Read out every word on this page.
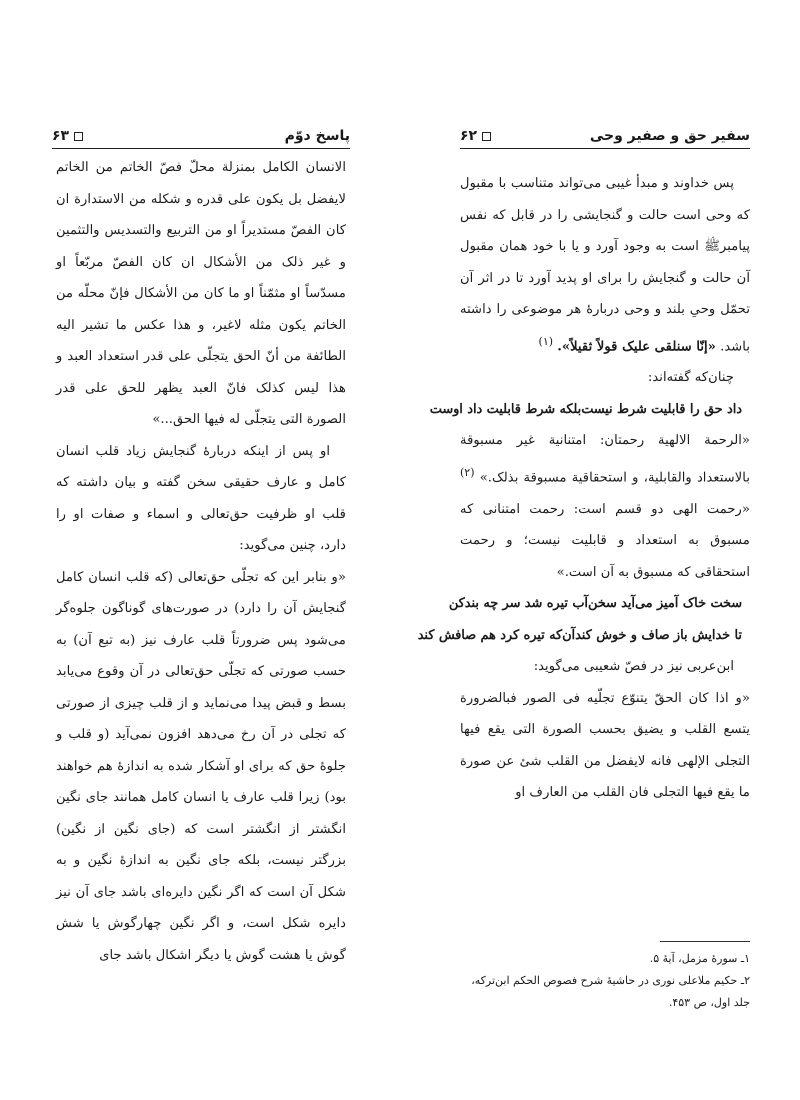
۶۳	پاسخ دوّم

الانسان الکامل بمنزلة محلّ فصّ الخاتم من الخاتم لایفضل بل یکون علی قدره و شکله من الاستدارة ان کان الفصّ مستدیراً او من التربیع والتسدیس والتثمین و غیر ذلک من الأشکال ان کان الفصّ مربّعاً او مسدّساً او مثمّناً او ما کان من الأشکال فإنّ محلّه من الخاتم یکون مثله لاغیر، و هذا عکس ما تشیر الیه الطائفة من أنّ الحق یتجلّی علی قدر استعداد العبد و هذا لیس کذلک فانّ العبد یظهر للحق علی قدر الصورة التی یتجلّی له فیها الحق...»

او پس از اینکه دربارهٔ گنجایش زیاد قلب انسان کامل و عارف حقیقی سخن گفته و بیان داشته که قلب او ظرفیت حق‌تعالی و اسماء و صفات او را دارد، چنین می‌گوید:

«و بنابر این که تجلّی حق‌تعالی (که قلب انسان کامل گنجایش آن را دارد) در صورت‌های گوناگون جلوه‌گر می‌شود پس ضرورتاً قلب عارف نیز (به تبع آن) به حسب صورتی که تجلّی حق‌تعالی در آن وقوع می‌یابد بسط و قبض پیدا می‌نماید و از قلب چیزی از صورتی که تجلی در آن رخ می‌دهد افزون نمی‌آید (و قلب و جلوهٔ حق که برای او آشکار شده به اندازهٔ هم خواهند بود) زیرا قلب عارف یا انسان کامل همانند جای نگین انگشتر از انگشتر است که (جای نگین از نگین) بزرگتر نیست، بلکه جای نگین به اندازهٔ نگین و به شکل آن است که اگر نگین دایره‌ای باشد جای آن نیز دایره شکل است، و اگر نگین چهارگوش یا شش گوش یا هشت گوش یا دیگر اشکال باشد جای

۶۲	سفیر حق و صفیر وحی

پس خداوند و مبدأ غیبی می‌تواند متناسب با مقبول که وحی است حالت و گنجایشی را در قابل که نفس پیامبرﷺ است به وجود آورد و یا با خود همان مقبول آن حالت و گنجایش را برای او پدید آورد تا در اثر آن تحمّل وحیِ بلند و وحی دربارهٔ هر موضوعی را داشته باشد. «إنّا سنلقی علیک قولاً ثقیلاً». $^{(۱)}$

چنان‌که گفته‌اند:

داد حق را قابلیت شرط نیست
بلکه شرط قابلیت داد اوست

«الرحمة الالهیة رحمتان: امتنانیة غیر مسبوقة بالاستعداد والقابلیة، و استحقاقیة مسبوقة بذلک.» $^{(۲)}$ «رحمت الهی دو قسم است: رحمت امتنانی که مسبوق به استعداد و قابلیت نیست؛ و رحمت استحقاقی که مسبوق به آن است.»

سخت خاک آمیز می‌آید سخن
آب تیره شد سر چه بندکن
تا خدایش باز صاف و خوش کند
آن‌که تیره کرد هم صافش کند

ابن‌عربی نیز در فصّ شعیبی می‌گوید:

«و اذا کان الحقّ یتنوّع تجلّیه فی الصور فبالضرورة یتسع القلب و یضیق بحسب الصورة التی یقع فیها التجلی الإلهی فانه لایفضل من القلب شئ عن صورة ما یقع فیها التجلی فان القلب من العارف او

۱ـ سورهٔ مزمل، آیهٔ ۵.

۲ـ حکیم ملاعلی نوری در حاشیهٔ شرح فصوص الحکم ابن‌ترکه، جلد اول، ص ۴۵۳.
